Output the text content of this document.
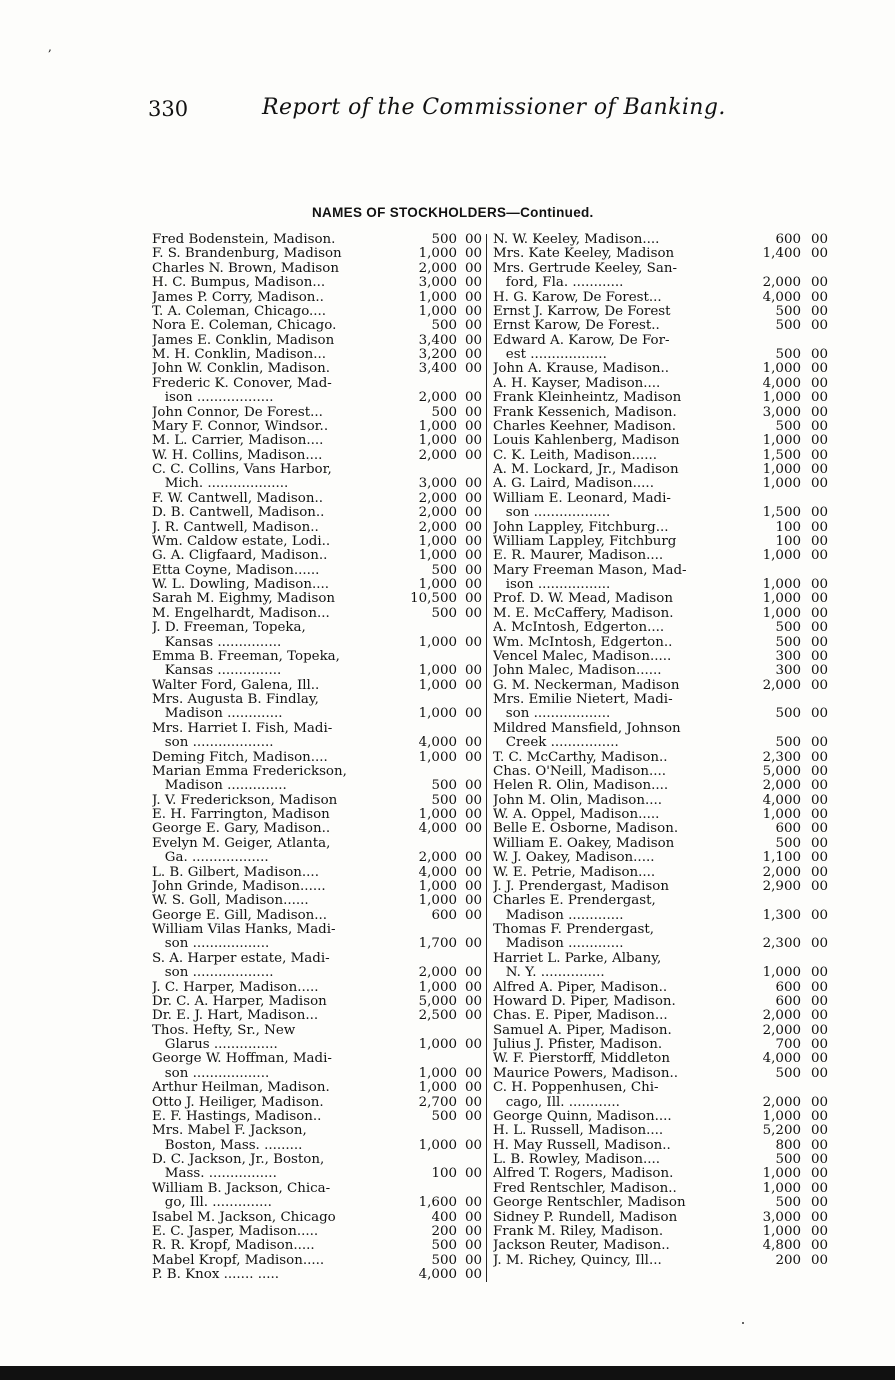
,
330	Report of the Commissioner of Banking.
NAMES OF STOCKHOLDERS—Continued.
Fred Bodenstein, Madison.	500 00
F. S. Brandenburg, Madison	1,000 00
Charles N. Brown, Madison	2,000 00
H. C. Bumpus, Madison...	3,000 00
James P. Corry, Madison..	1,000 00
T. A. Coleman, Chicago....	1,000 00
Nora E. Coleman, Chicago.	500 00
James E. Conklin, Madison	3,400 00
M. H. Conklin, Madison...	3,200 00
John W. Conklin, Madison.	3,400 00
Frederic K. Conover, Mad-
ison ..................	2,000 00
John Connor, De Forest...	500 00
Mary F. Connor, Windsor..	1,000 00
M. L. Carrier, Madison....	1,000 00
W. H. Collins, Madison....	2,000 00
C. C. Collins, Vans Harbor,
Mich. ...................	3,000 00
F. W. Cantwell, Madison..	2,000 00
D. B. Cantwell, Madison..	2,000 00
J. R. Cantwell, Madison..	2,000 00
Wm. Caldow estate, Lodi..	1,000 00
G. A. Cligfaard, Madison..	1,000 00
Etta Coyne, Madison......	500 00
W. L. Dowling, Madison....	1,000 00
Sarah M. Eighmy, Madison	10,500 00
M. Engelhardt, Madison...	500 00
J. D. Freeman, Topeka,
Kansas ...............	1,000 00
Emma B. Freeman, Topeka,
Kansas ...............	1,000 00
Walter Ford, Galena, Ill..	1,000 00
Mrs. Augusta B. Findlay,
Madison .............	1,000 00
Mrs. Harriet I. Fish, Madi-
son ...................	4,000 00
Deming Fitch, Madison....	1,000 00
Marian Emma Frederickson,
Madison ..............	500 00
J. V. Frederickson, Madison	500 00
E. H. Farrington, Madison	1,000 00
George E. Gary, Madison..	4,000 00
Evelyn M. Geiger, Atlanta,
Ga. ..................	2,000 00
L. B. Gilbert, Madison....	4,000 00
John Grinde, Madison......	1,000 00
W. S. Goll, Madison......	1,000 00
George E. Gill, Madison...	600 00
William Vilas Hanks, Madi-
son ..................	1,700 00
S. A. Harper estate, Madi-
son ...................	2,000 00
J. C. Harper, Madison.....	1,000 00
Dr. C. A. Harper, Madison	5,000 00
Dr. E. J. Hart, Madison...	2,500 00
Thos. Hefty, Sr., New
Glarus ...............	1,000 00
George W. Hoffman, Madi-
son ..................	1,000 00
Arthur Heilman, Madison.	1,000 00
Otto J. Heiliger, Madison.	2,700 00
E. F. Hastings, Madison..	500 00
Mrs. Mabel F. Jackson,
Boston, Mass. .........	1,000 00
D. C. Jackson, Jr., Boston,
Mass. ................	100 00
William B. Jackson, Chica-
go, Ill. ..............	1,600 00
Isabel M. Jackson, Chicago	400 00
E. C. Jasper, Madison.....	200 00
R. R. Kropf, Madison.....	500 00
Mabel Kropf, Madison.....	500 00
P. B. Knox ....... .....	4,000 00
N. W. Keeley, Madison....	600 00
Mrs. Kate Keeley, Madison	1,400 00
Mrs. Gertrude Keeley, San-
ford, Fla. ............	2,000 00
H. G. Karow, De Forest...	4,000 00
Ernst J. Karrow, De Forest	500 00
Ernst Karow, De Forest..	500 00
Edward A. Karow, De For-
est ..................	500 00
John A. Krause, Madison..	1,000 00
A. H. Kayser, Madison....	4,000 00
Frank Kleinheintz, Madison	1,000 00
Frank Kessenich, Madison.	3,000 00
Charles Keehner, Madison.	500 00
Louis Kahlenberg, Madison	1,000 00
C. K. Leith, Madison......	1,500 00
A. M. Lockard, Jr., Madison	1,000 00
A. G. Laird, Madison.....	1,000 00
William E. Leonard, Madi-
son ..................	1,500 00
John Lappley, Fitchburg...	100 00
William Lappley, Fitchburg	100 00
E. R. Maurer, Madison....	1,000 00
Mary Freeman Mason, Mad-
ison .................	1,000 00
Prof. D. W. Mead, Madison	1,000 00
M. E. McCaffery, Madison.	1,000 00
A. McIntosh, Edgerton....	500 00
Wm. McIntosh, Edgerton..	500 00
Vencel Malec, Madison.....	300 00
John Malec, Madison......	300 00
G. M. Neckerman, Madison	2,000 00
Mrs. Emilie Nietert, Madi-
son ..................	500 00
Mildred Mansfield, Johnson
Creek ................	500 00
T. C. McCarthy, Madison..	2,300 00
Chas. O'Neill, Madison....	5,000 00
Helen R. Olin, Madison....	2,000 00
John M. Olin, Madison....	4,000 00
W. A. Oppel, Madison.....	1,000 00
Belle E. Osborne, Madison.	600 00
William E. Oakey, Madison	500 00
W. J. Oakey, Madison.....	1,100 00
W. E. Petrie, Madison....	2,000 00
J. J. Prendergast, Madison	2,900 00
Charles E. Prendergast,
Madison .............	1,300 00
Thomas F. Prendergast,
Madison .............	2,300 00
Harriet L. Parke, Albany,
N. Y. ...............	1,000 00
Alfred A. Piper, Madison..	600 00
Howard D. Piper, Madison.	600 00
Chas. E. Piper, Madison...	2,000 00
Samuel A. Piper, Madison.	2,000 00
Julius J. Pfister, Madison.	700 00
W. F. Pierstorff, Middleton	4,000 00
Maurice Powers, Madison..	500 00
C. H. Poppenhusen, Chi-
cago, Ill. ............	2,000 00
George Quinn, Madison....	1,000 00
H. L. Russell, Madison....	5,200 00
H. May Russell, Madison..	800 00
L. B. Rowley, Madison....	500 00
Alfred T. Rogers, Madison.	1,000 00
Fred Rentschler, Madison..	1,000 00
George Rentschler, Madison	500 00
Sidney P. Rundell, Madison	3,000 00
Frank M. Riley, Madison.	1,000 00
Jackson Reuter, Madison..	4,800 00
J. M. Richey, Quincy, Ill...	200 00
